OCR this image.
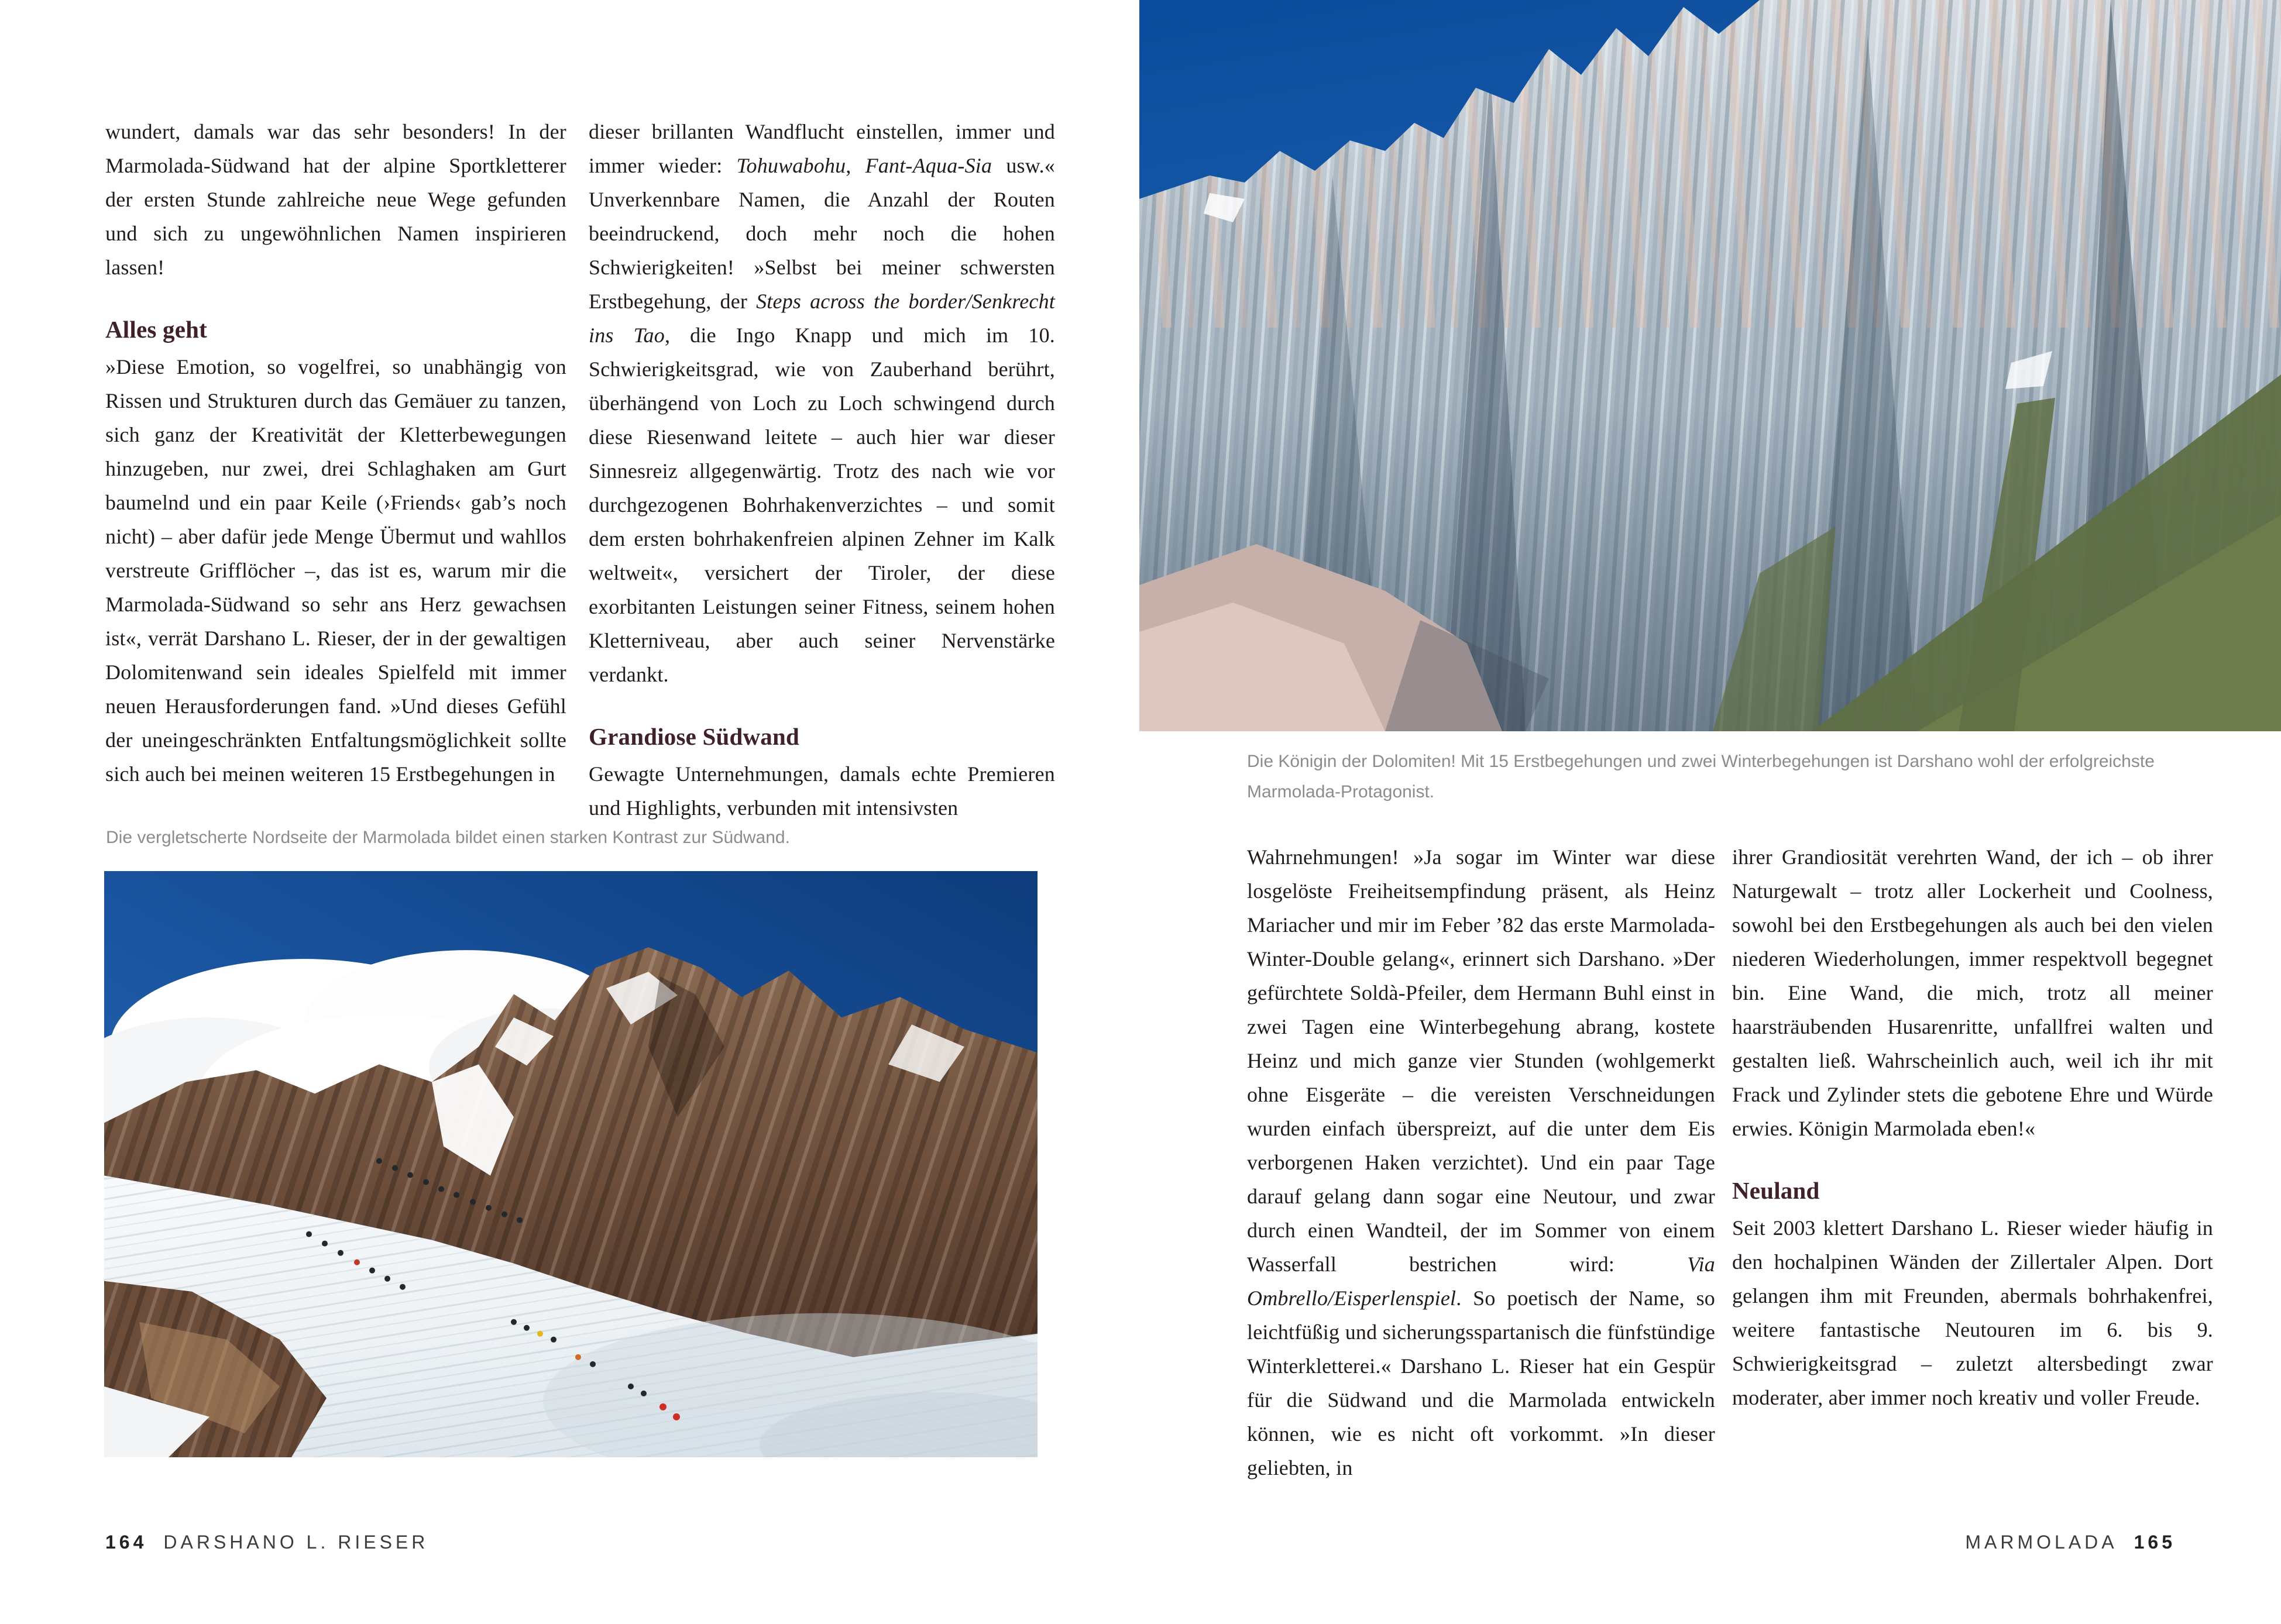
wundert, damals war das sehr besonders! In der Marmolada-Südwand hat der alpine Sportkletterer der ersten Stunde zahlreiche neue Wege gefunden und sich zu ungewöhnlichen Namen inspirieren lassen!

Alles geht

»Diese Emotion, so vogelfrei, so unabhängig von Rissen und Strukturen durch das Gemäuer zu tanzen, sich ganz der Kreativität der Kletterbewegungen hinzugeben, nur zwei, drei Schlaghaken am Gurt baumelnd und ein paar Keile (›Friends‹ gab’s noch nicht) – aber dafür jede Menge Übermut und wahllos verstreute Grifflöcher –, das ist es, warum mir die Marmolada-Südwand so sehr ans Herz gewachsen ist«, verrät Darshano L. Rieser, der in der gewaltigen Dolomitenwand sein ideales Spielfeld mit immer neuen Herausforderungen fand. »Und dieses Gefühl der uneingeschränkten Entfaltungsmöglichkeit sollte sich auch bei meinen weiteren 15 Erstbegehungen in

dieser brillanten Wandflucht einstellen, immer und immer wieder: Tohuwabohu, Fant-Aqua-Sia usw.« Unverkennbare Namen, die Anzahl der Routen beeindruckend, doch mehr noch die hohen Schwierigkeiten! »Selbst bei meiner schwersten Erstbegehung, der Steps across the border/Senkrecht ins Tao, die Ingo Knapp und mich im 10. Schwierigkeitsgrad, wie von Zauberhand berührt, überhängend von Loch zu Loch schwingend durch diese Riesenwand leitete – auch hier war dieser Sinnesreiz allgegenwärtig. Trotz des nach wie vor durchgezogenen Bohrhakenverzichtes – und somit dem ersten bohrhakenfreien alpinen Zehner im Kalk weltweit«, versichert der Tiroler, der diese exorbitanten Leistungen seiner Fitness, seinem hohen Kletterniveau, aber auch seiner Nervenstärke verdankt.

Grandiose Südwand

Gewagte Unternehmungen, damals echte Premieren und Highlights, verbunden mit intensivsten

Die vergletscherte Nordseite der Marmolada bildet einen starken Kontrast zur Südwand.
164 DARSHANO L. RIESER
Die Königin der Dolomiten! Mit 15 Erstbegehungen und zwei Winterbegehungen ist Darshano wohl der erfolgreichste Marmolada-Protagonist.

Wahrnehmungen! »Ja sogar im Winter war diese losgelöste Freiheitsempfindung präsent, als Heinz Mariacher und mir im Feber ’82 das erste Marmolada-Winter-Double gelang«, erinnert sich Darshano. »Der gefürchtete Soldà-Pfeiler, dem Hermann Buhl einst in zwei Tagen eine Winterbegehung abrang, kostete Heinz und mich ganze vier Stunden (wohlgemerkt ohne Eisgeräte – die vereisten Verschneidungen wurden einfach überspreizt, auf die unter dem Eis verborgenen Haken verzichtet). Und ein paar Tage darauf gelang dann sogar eine Neutour, und zwar durch einen Wandteil, der im Sommer von einem Wasserfall bestrichen wird: Via Ombrello/Eisperlenspiel. So poetisch der Name, so leichtfüßig und sicherungsspartanisch die fünfstündige Winterkletterei.« Darshano L. Rieser hat ein Gespür für die Südwand und die Marmolada entwickeln können, wie es nicht oft vorkommt. »In dieser geliebten, in

ihrer Grandiosität verehrten Wand, der ich – ob ihrer Naturgewalt – trotz aller Lockerheit und Coolness, sowohl bei den Erstbegehungen als auch bei den vielen niederen Wiederholungen, immer respektvoll begegnet bin. Eine Wand, die mich, trotz all meiner haarsträubenden Husarenritte, unfallfrei walten und gestalten ließ. Wahrscheinlich auch, weil ich ihr mit Frack und Zylinder stets die gebotene Ehre und Würde erwies. Königin Marmolada eben!«

Neuland

Seit 2003 klettert Darshano L. Rieser wieder häufig in den hochalpinen Wänden der Zillertaler Alpen. Dort gelangen ihm mit Freunden, abermals bohrhakenfrei, weitere fantastische Neutouren im 6. bis 9. Schwierigkeitsgrad – zuletzt altersbedingt zwar moderater, aber immer noch kreativ und voller Freude.

MARMOLADA 165
